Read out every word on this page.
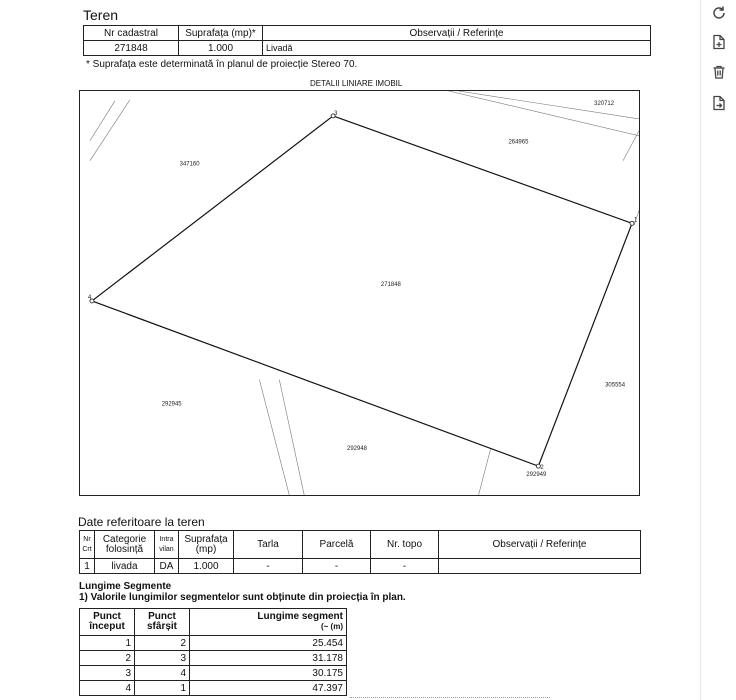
Teren
Nr cadastral	Suprafața (mp)*	Observații / Referințe
271848	1.000	Livadă
* Suprafața este determinată în planul de proiecție Stereo 70.
DETALII LINIARE IMOBIL
1
2
3
4
271848
320712
264965
347160
305554
292945
292948
292949
Date referitoare la teren
Nr Crt	Categorie folosință	Intra vilan	Suprafața (mp)	Tarla	Parcelă	Nr. topo	Observații / Referințe
1	livada	DA	1.000	-	-	-	
Lungime Segmente
1) Valorile lungimilor segmentelor sunt obținute din proiecția în plan.
Punct început	Punct sfârșit	Lungime segment
(~ (m)

1	2	25.454
2	3	31.178
3	4	30.175
4	1	47.397
